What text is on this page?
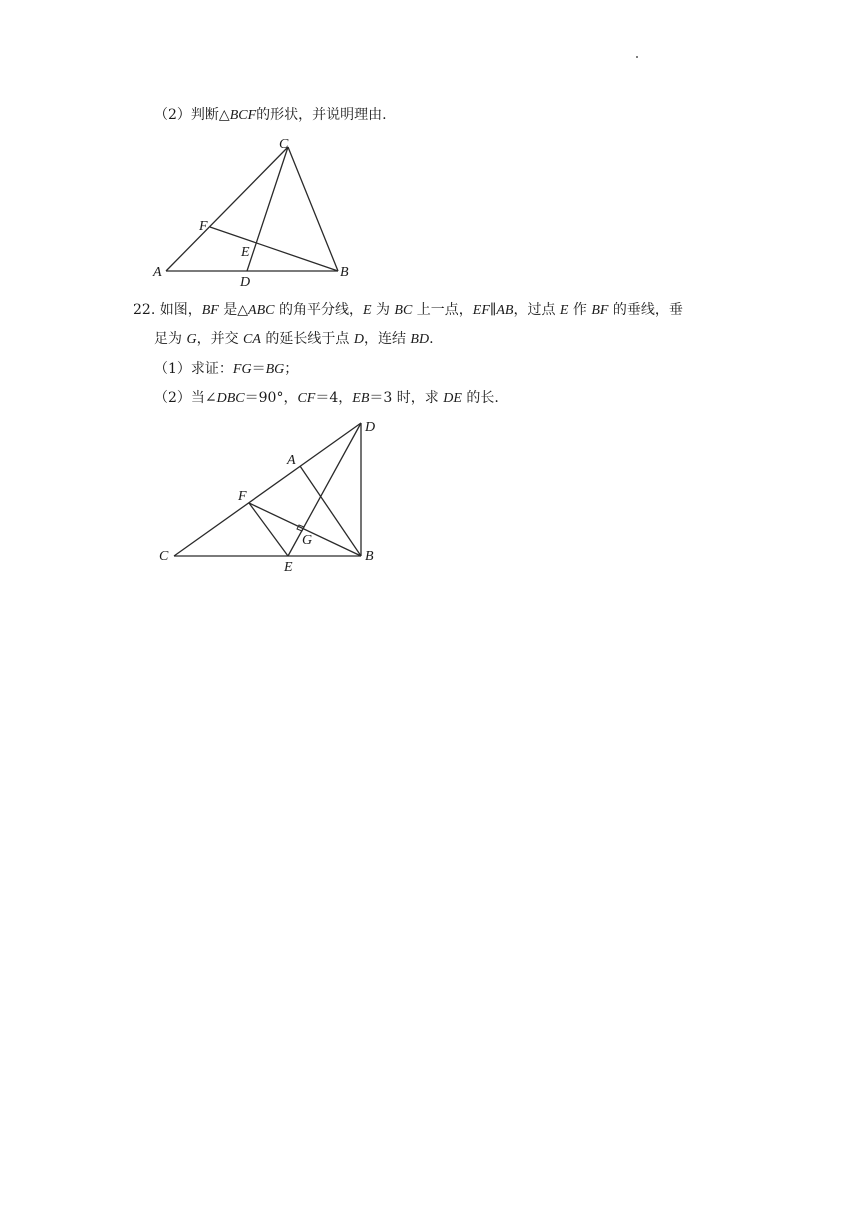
（2）判断△BCF的形状，并说明理由.
C
F
E
A
D
B
D
A
F
G
C
E
B
22. 如图，BF 是△ABC 的角平分线，E 为 BC 上一点，EF∥AB，过点 E 作 BF 的垂线，垂
足为 G，并交 CA 的延长线于点 D，连结 BD.
（1）求证：FG＝BG；
（2）当∠DBC＝90°，CF＝4，EB＝3 时，求 DE 的长.
